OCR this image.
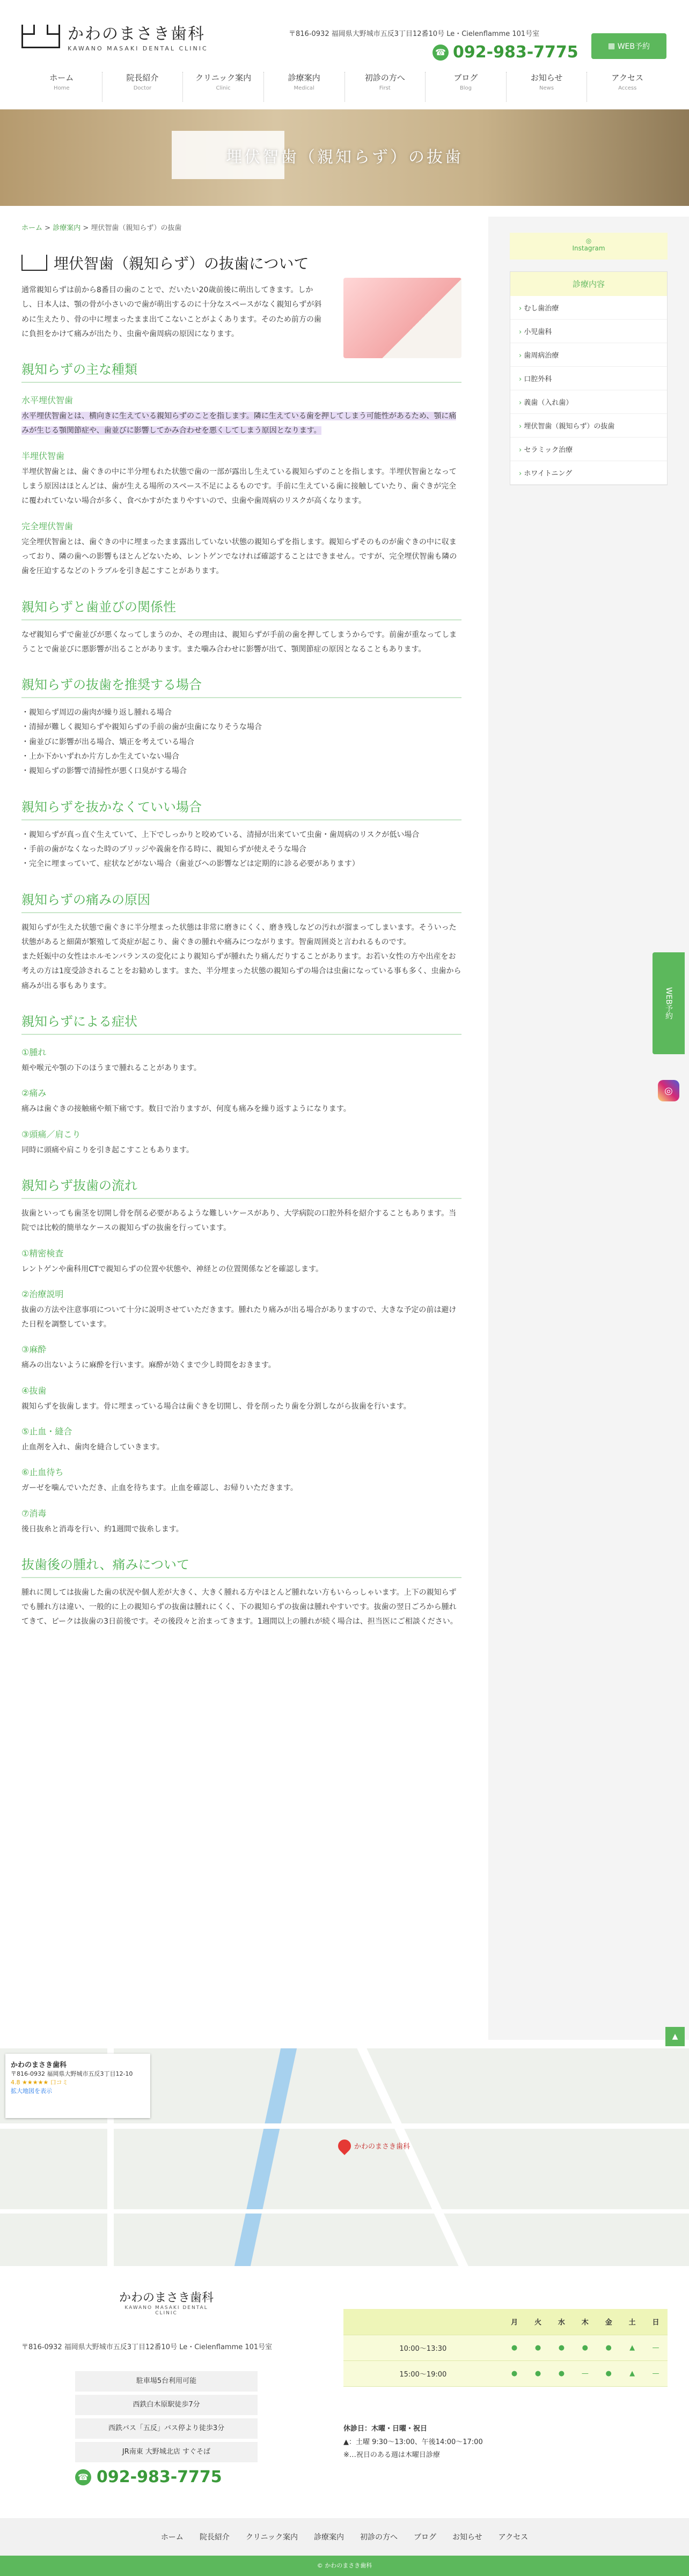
かわのまさき歯科
KAWANO MASAKI DENTAL CLINIC
〒816-0932 福岡県大野城市五反3丁目12番10号 Le・Cielenflamme 101号室
☎ 092-983-7775	▦ WEB予約
ホーム
Home
院長紹介
Doctor
クリニック案内
Clinic
診療案内
Medical
初診の方へ
First
ブログ
Blog
お知らせ
News
アクセス
Access
埋伏智歯（親知らず）の抜歯
ホーム > 診療案内 > 埋伏智歯（親知らず）の抜歯
埋伏智歯（親知らず）の抜歯について

通常親知らずは前から8番目の歯のことで、だいたい20歳前後に萌出してきます。しかし、日本人は、顎の骨が小さいので歯が萌出するのに十分なスペースがなく親知らずが斜めに生えたり、骨の中に埋まったまま出てこないことがよくあります。そのため前方の歯に負担をかけて痛みが出たり、虫歯や歯周病の原因になります。

親知らずの主な種類
水平埋伏智歯

水平埋伏智歯とは、横向きに生えている親知らずのことを指します。隣に生えている歯を押してしまう可能性があるため、顎に痛みが生じる顎関節症や、歯並びに影響してかみ合わせを悪くしてしまう原因となります。

半埋伏智歯

半埋伏智歯とは、歯ぐきの中に半分埋もれた状態で歯の一部が露出し生えている親知らずのことを指します。半埋伏智歯となってしまう原因はほとんどは、歯が生える場所のスペース不足によるものです。手前に生えている歯に接触していたり、歯ぐきが完全に覆われていない場合が多く、食べかすがたまりやすいので、虫歯や歯周病のリスクが高くなります。

完全埋伏智歯

完全埋伏智歯とは、歯ぐきの中に埋まったまま露出していない状態の親知らずを指します。親知らずそのものが歯ぐきの中に収まっており、隣の歯への影響もほとんどないため、レントゲンでなければ確認することはできません。ですが、完全埋伏智歯も隣の歯を圧迫するなどのトラブルを引き起こすことがあります。

親知らずと歯並びの関係性

なぜ親知らずで歯並びが悪くなってしまうのか、その理由は、親知らずが手前の歯を押してしまうからです。前歯が重なってしまうことで歯並びに悪影響が出ることがあります。また噛み合わせに影響が出て、顎関節症の原因となることもあります。

親知らずの抜歯を推奨する場合
・ 親知らず周辺の歯肉が繰り返し腫れる場合
・ 清掃が難しく親知らずや親知らずの手前の歯が虫歯になりそうな場合
・ 歯並びに影響が出る場合、矯正を考えている場合
・ 上か下かいずれか片方しか生えていない場合
・ 親知らずの影響で清掃性が悪く口臭がする場合
親知らずを抜かなくていい場合
・ 親知らずが真っ直ぐ生えていて、上下でしっかりと咬めている、清掃が出来ていて虫歯・歯周病のリスクが低い場合
・ 手前の歯がなくなった時のブリッジや義歯を作る時に、親知らずが使えそうな場合
・ 完全に埋まっていて、症状などがない場合（歯並びへの影響などは定期的に診る必要があります）
親知らずの痛みの原因

親知らずが生えた状態で歯ぐきに半分埋まった状態は非常に磨きにくく、磨き残しなどの汚れが溜まってしまいます。そういった状態があると細菌が繁殖して炎症が起こり、歯ぐきの腫れや痛みにつながります。智歯周囲炎と言われるものです。

また妊娠中の女性はホルモンバランスの変化により親知らずが腫れたり痛んだりすることがあります。お若い女性の方や出産をお考えの方は1度受診されることをお勧めします。また、半分埋まった状態の親知らずの場合は虫歯になっている事も多く、虫歯から痛みが出る事もあります。

親知らずによる症状
①腫れ

頬や喉元や顎の下のほうまで腫れることがあります。

②痛み

痛みは歯ぐきの接触痛や頬下痛です。数日で治りますが、何度も痛みを繰り返すようになります。

③頭痛／肩こり

同時に頭痛や肩こりを引き起こすこともあります。

親知らず抜歯の流れ

抜歯といっても歯茎を切開し骨を削る必要があるような難しいケースがあり、大学病院の口腔外科を紹介することもあります。当院では比較的簡単なケースの親知らずの抜歯を行っています。

①精密検査

レントゲンや歯科用CTで親知らずの位置や状態や、神経との位置関係などを確認します。

②治療説明

抜歯の方法や注意事項について十分に説明させていただきます。腫れたり痛みが出る場合がありますので、大きな予定の前は避けた日程を調整しています。

③麻酔

痛みの出ないように麻酔を行います。麻酔が効くまで少し時間をおきます。

④抜歯

親知らずを抜歯します。骨に埋まっている場合は歯ぐきを切開し、骨を削ったり歯を分割しながら抜歯を行います。

⑤止血・縫合

止血剤を入れ、歯肉を縫合していきます。

⑥止血待ち

ガーゼを噛んでいただき、止血を待ちます。止血を確認し、お帰りいただきます。

⑦消毒

後日抜糸と消毒を行い、約1週間で抜糸します。

抜歯後の腫れ、痛みについて

腫れに関しては抜歯した歯の状況や個人差が大きく、大きく腫れる方やほとんど腫れない方もいらっしゃいます。上下の親知らずでも腫れ方は違い、一般的に上の親知らずの抜歯は腫れにくく、下の親知らずの抜歯は腫れやすいです。抜歯の翌日ごろから腫れてきて、ピークは抜歯の3日前後です。その後段々と治まってきます。1週間以上の腫れが続く場合は、担当医にご相談ください。

◎
Instagram
診療内容
› むし歯治療
› 小児歯科
› 歯周病治療
› 口腔外科
› 義歯（入れ歯）
› 埋伏智歯（親知らず）の抜歯
› セラミック治療
› ホワイトニング
WEB予約
◎
▲
かわのまさき歯科
〒816-0932 福岡県大野城市五反3丁目12-10
4.8 ★★★★★ 口コミ
拡大地図を表示
かわのまさき歯科
かわのまさき歯科
KAWANO MASAKI DENTAL CLINIC
〒816-0932 福岡県大野城市五反3丁目12番10号 Le・Cielenflamme 101号室
駐車場5台利用可能
西鉄白木原駅徒歩7分
西鉄バス「五反」バス停より徒歩3分
JR南東 大野城北店 すぐそば
☎ 092-983-7775
	月	火	水	木	金	土	日
10:00〜13:30	●	●	●	●	●	▲	—
15:00〜19:00	●	●	●	—	●	▲	—
休診日：木曜・日曜・祝日
▲：土曜 9:30〜13:00、午後14:00〜17:00
※…祝日のある週は木曜日診療
ホーム 院長紹介 クリニック案内 診療案内 初診の方へ ブログ お知らせ アクセス
© かわのまさき歯科
